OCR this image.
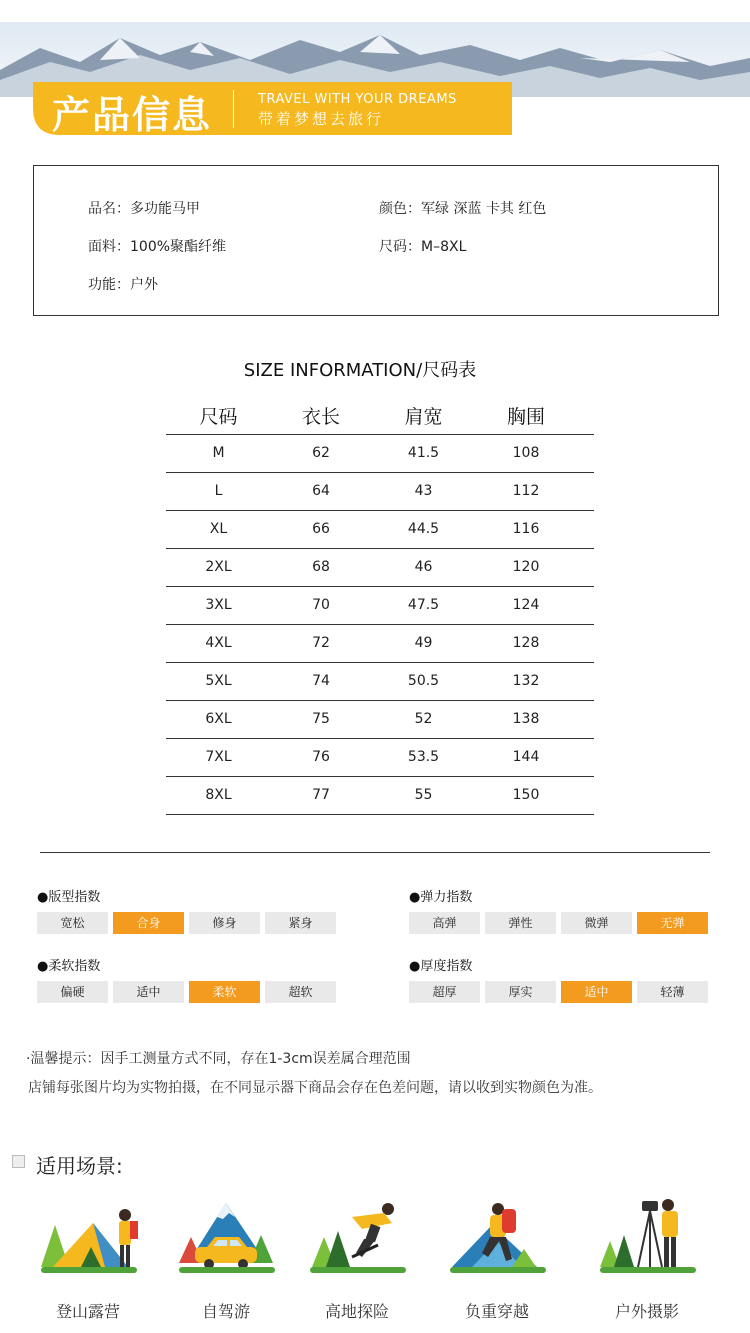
产品信息	TRAVEL WITH YOUR DREAMS
带着梦想去旅行
品名：多功能马甲	颜色：军绿 深蓝 卡其 红色
面料：100%聚酯纤维	尺码：M–8XL
功能：户外
SIZE INFORMATION/尺码表
尺码	衣长	肩宽	胸围
M	62	41.5	108
L	64	43	112
XL	66	44.5	116
2XL	68	46	120
3XL	70	47.5	124
4XL	72	49	128
5XL	74	50.5	132
6XL	75	52	138
7XL	76	53.5	144
8XL	77	55	150
●版型指数
宽松	合身	修身	紧身
●弹力指数
高弹	弹性	微弹	无弹
●柔软指数
偏硬	适中	柔软	超软
●厚度指数
超厚	厚实	适中	轻薄
·温馨提示：因手工测量方式不同，存在1-3cm误差属合理范围
店铺每张图片均为实物拍摄，在不同显示器下商品会存在色差问题，请以收到实物颜色为准。
适用场景:
登山露营	自驾游	高地探险	负重穿越	户外摄影
